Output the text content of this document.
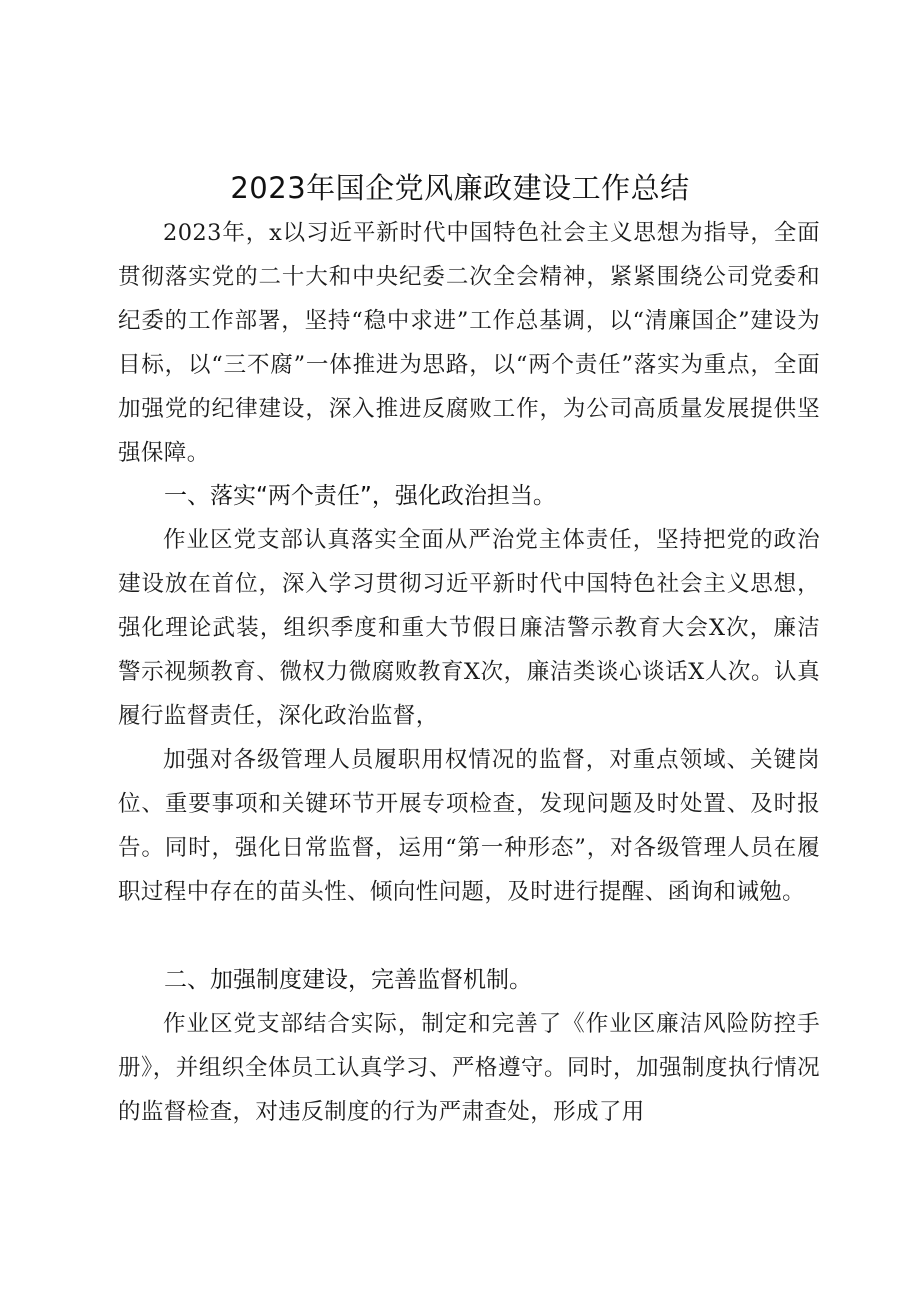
2023年国企党风廉政建设工作总结

2023年，x以习近平新时代中国特色社会主义思想为指导，全面贯彻落实党的二十大和中央纪委二次全会精神，紧紧围绕公司党委和纪委的工作部署，坚持“稳中求进”工作总基调，以“清廉国企”建设为目标，以“三不腐”一体推进为思路，以“两个责任”落实为重点，全面加强党的纪律建设，深入推进反腐败工作，为公司高质量发展提供坚强保障。

一、落实“两个责任”，强化政治担当。

作业区党支部认真落实全面从严治党主体责任，坚持把党的政治建设放在首位，深入学习贯彻习近平新时代中国特色社会主义思想，强化理论武装，组织季度和重大节假日廉洁警示教育大会X次，廉洁警示视频教育、微权力微腐败教育X次，廉洁类谈心谈话X人次。认真履行监督责任，深化政治监督，

加强对各级管理人员履职用权情况的监督，对重点领域、关键岗位、重要事项和关键环节开展专项检查，发现问题及时处置、及时报告。同时，强化日常监督，运用“第一种形态”，对各级管理人员在履职过程中存在的苗头性、倾向性问题，及时进行提醒、函询和诫勉。

二、加强制度建设，完善监督机制。

作业区党支部结合实际，制定和完善了《作业区廉洁风险防控手册》，并组织全体员工认真学习、严格遵守。同时，加强制度执行情况的监督检查，对违反制度的行为严肃查处，形成了用
